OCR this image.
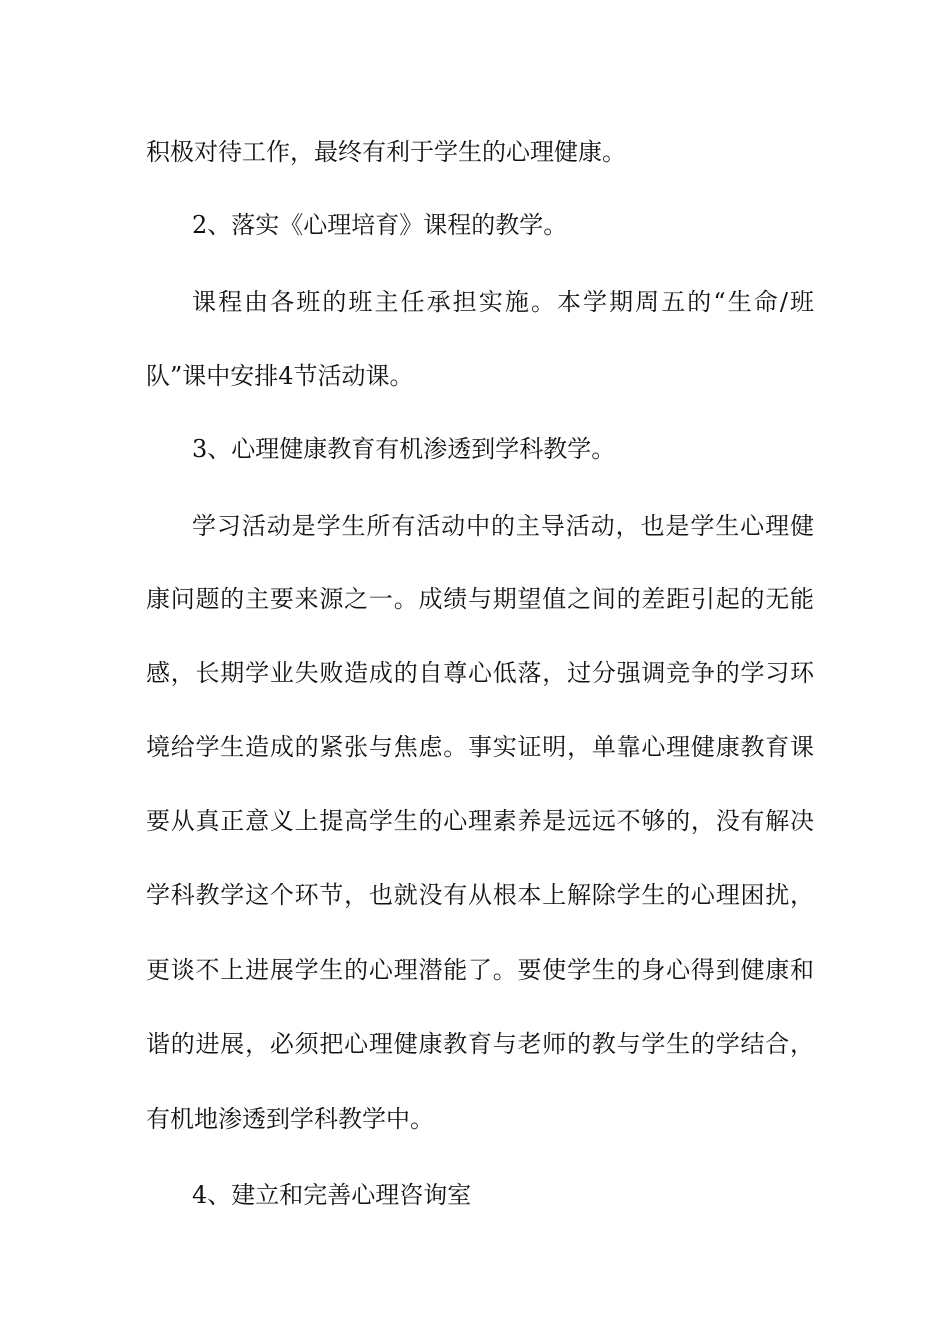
积极对待工作，最终有利于学生的心理健康。
2、落实《心理培育》课程的教学。
课程由各班的班主任承担实施。本学期周五的“生命/班
队”课中安排4节活动课。
3、心理健康教育有机渗透到学科教学。
学习活动是学生所有活动中的主导活动，也是学生心理健
康问题的主要来源之一。成绩与期望值之间的差距引起的无能
感，长期学业失败造成的自尊心低落，过分强调竞争的学习环
境给学生造成的紧张与焦虑。事实证明，单靠心理健康教育课
要从真正意义上提高学生的心理素养是远远不够的，没有解决
学科教学这个环节，也就没有从根本上解除学生的心理困扰，
更谈不上进展学生的心理潜能了。要使学生的身心得到健康和
谐的进展，必须把心理健康教育与老师的教与学生的学结合，
有机地渗透到学科教学中。
4、建立和完善心理咨询室
